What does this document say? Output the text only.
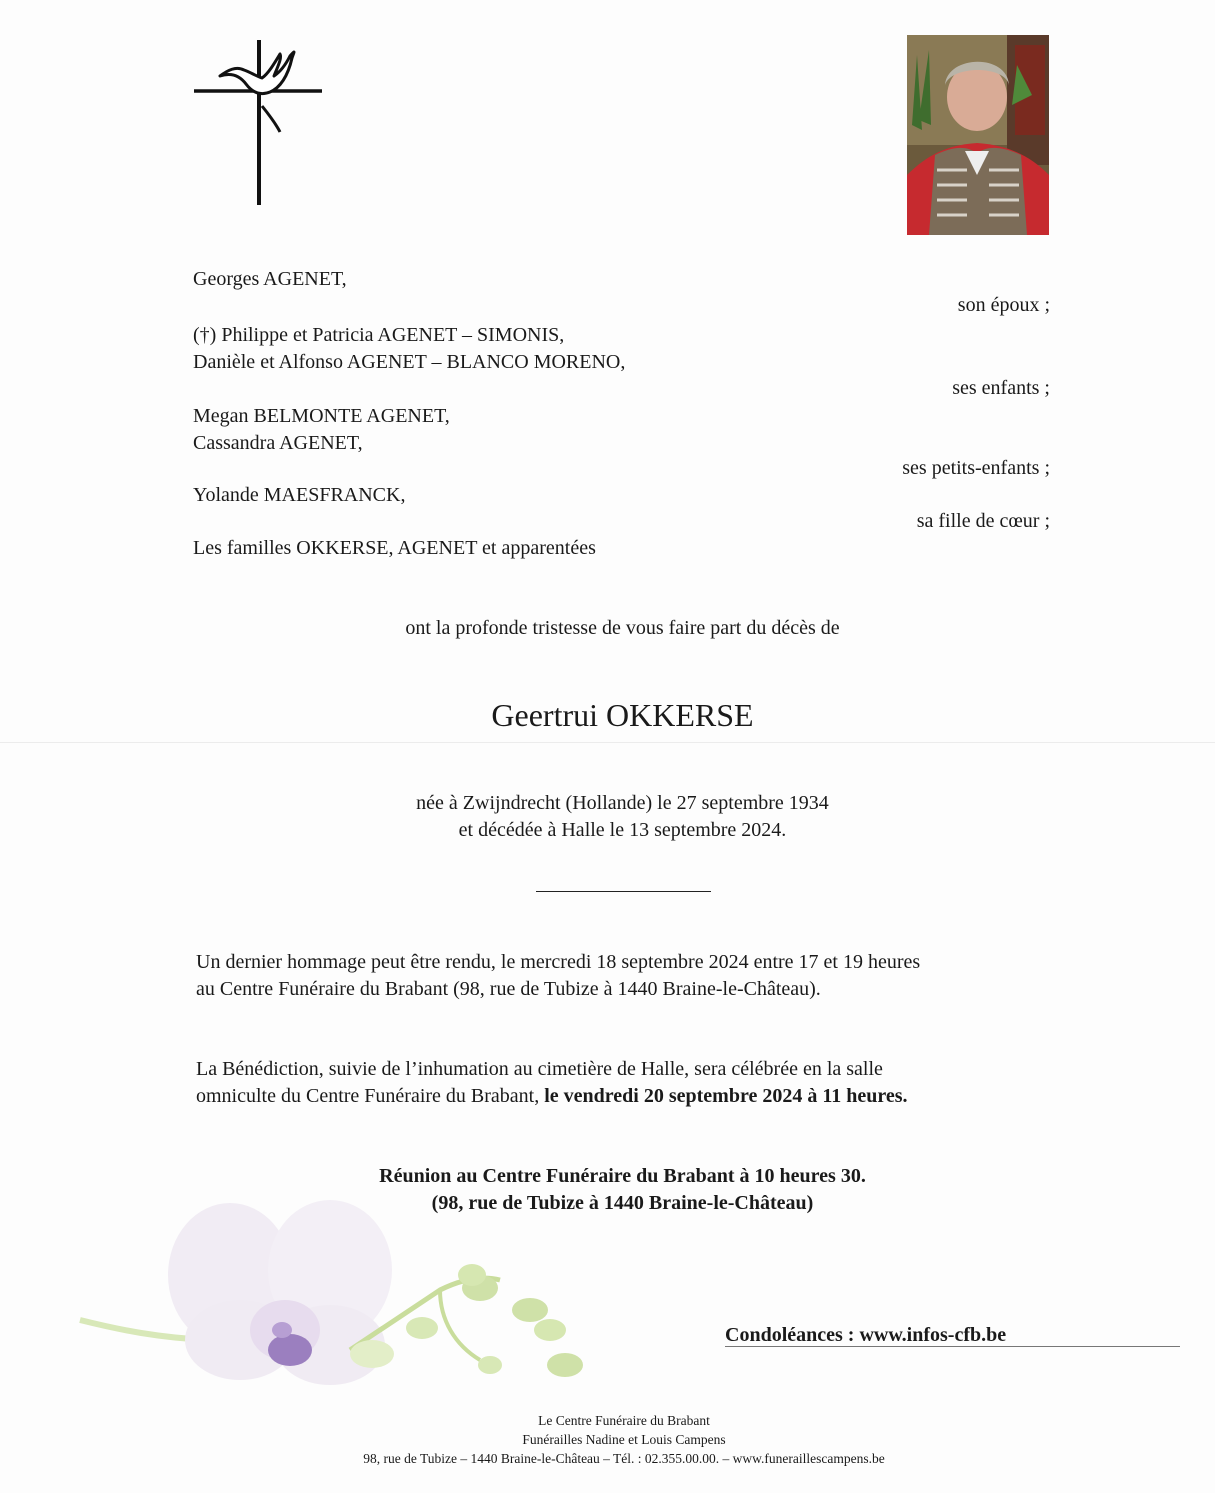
Georges AGENET,
son époux ;
(†) Philippe et Patricia AGENET – SIMONIS,
Danièle et Alfonso AGENET – BLANCO MORENO,
ses enfants ;
Megan BELMONTE AGENET,
Cassandra AGENET,
ses petits-enfants ;
Yolande MAESFRANCK,
sa fille de cœur ;
Les familles OKKERSE, AGENET et apparentées
ont la profonde tristesse de vous faire part du décès de
Geertrui OKKERSE
née à Zwijndrecht (Hollande) le 27 septembre 1934
et décédée à Halle le 13 septembre 2024.
Un dernier hommage peut être rendu, le mercredi 18 septembre 2024 entre 17 et 19 heures
au Centre Funéraire du Brabant (98, rue de Tubize à 1440 Braine-le-Château).
La Bénédiction, suivie de l’inhumation au cimetière de Halle, sera célébrée en la salle
omniculte du Centre Funéraire du Brabant, le vendredi 20 septembre 2024 à 11 heures.
Réunion au Centre Funéraire du Brabant à 10 heures 30.
(98, rue de Tubize à 1440 Braine-le-Château)
Condoléances : www.infos-cfb.be
Le Centre Funéraire du Brabant
Funérailles Nadine et Louis Campens
98, rue de Tubize – 1440 Braine-le-Château – Tél. : 02.355.00.00. – www.funeraillescampens.be
